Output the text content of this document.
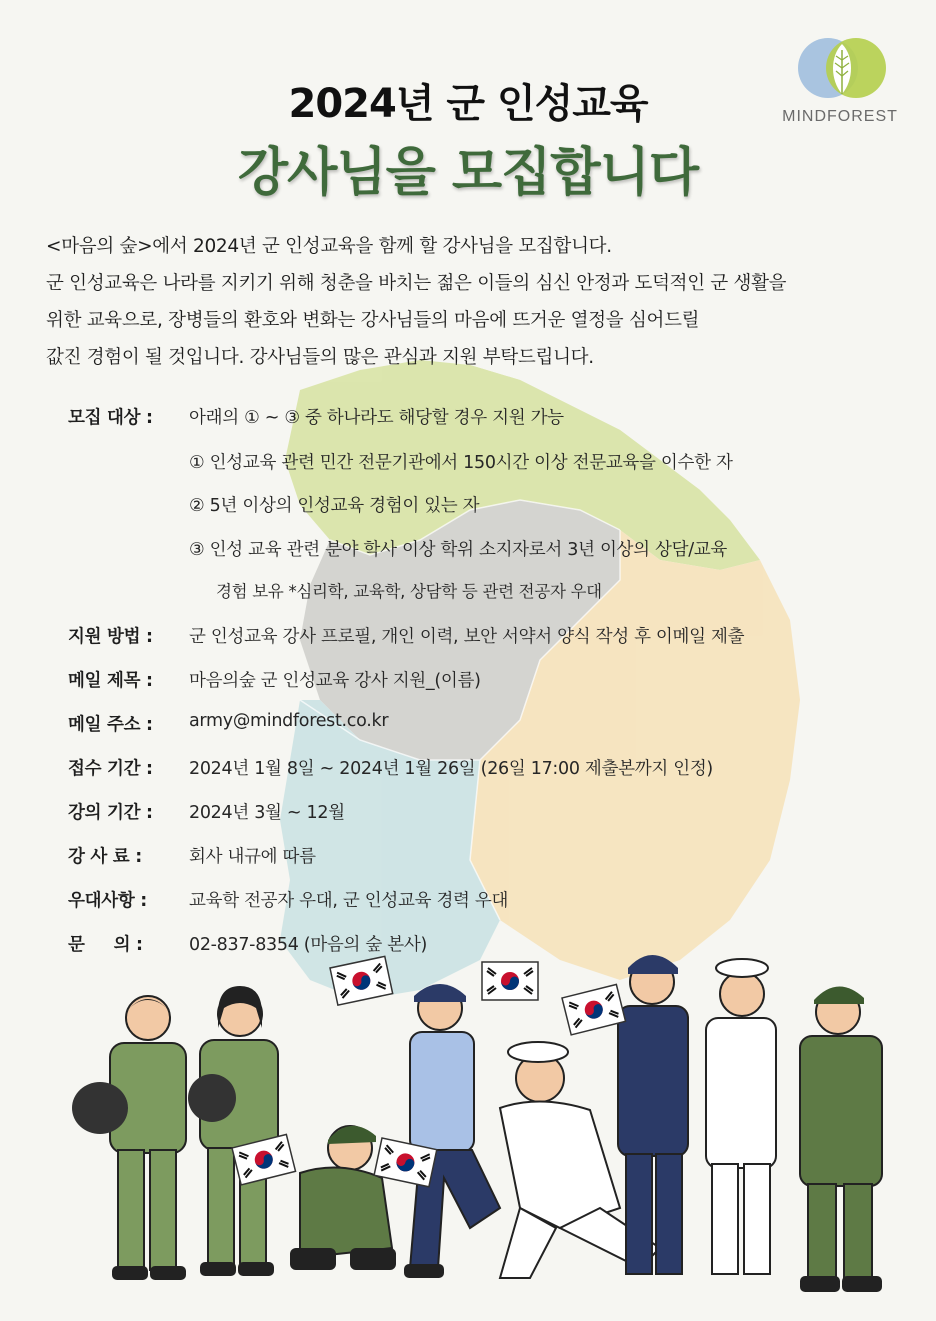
MINDFOREST
2024년 군 인성교육
강사님을 모집합니다

<마음의 숲>에서 2024년 군 인성교육을 함께 할 강사님을 모집합니다.

군 인성교육은 나라를 지키기 위해 청춘을 바치는 젊은 이들의 심신 안정과 도덕적인 군 생활을

위한 교육으로, 장병들의 환호와 변화는 강사님들의 마음에 뜨거운 열정을 심어드릴

값진 경험이 될 것입니다. 강사님들의 많은 관심과 지원 부탁드립니다.

모집 대상 : 아래의 ① ~ ③ 중 하나라도 해당할 경우 지원 가능
① 인성교육 관련 민간 전문기관에서 150시간 이상 전문교육을 이수한 자
② 5년 이상의 인성교육 경험이 있는 자
③ 인성 교육 관련 분야 학사 이상 학위 소지자로서 3년 이상의 상담/교육
경험 보유 *심리학, 교육학, 상담학 등 관련 전공자 우대
지원 방법 : 군 인성교육 강사 프로필, 개인 이력, 보안 서약서 양식 작성 후 이메일 제출
메일 제목 : 마음의숲 군 인성교육 강사 지원_(이름)
메일 주소 : army@mindforest.co.kr
접수 기간 : 2024년 1월 8일 ~ 2024년 1월 26일 (26일 17:00 제출본까지 인정)
강의 기간 : 2024년 3월 ~ 12월
강 사 료 :	회사 내규에 따름
우대사항 : 교육학 전공자 우대, 군 인성교육 경력 우대
문     의 :	02-837-8354 (마음의 숲 본사)
